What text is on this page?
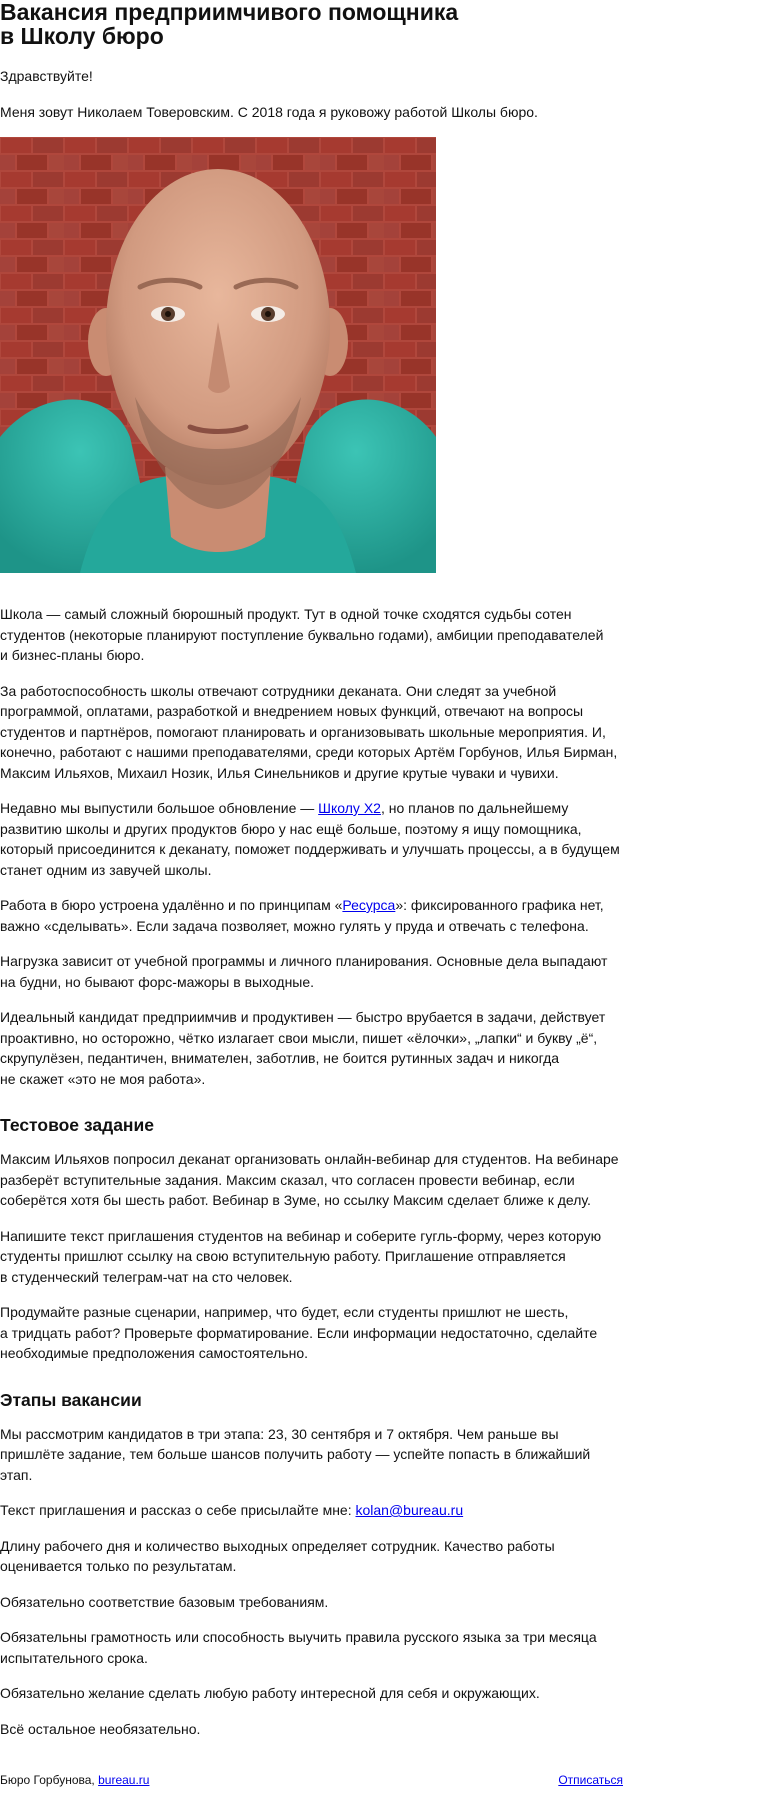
Вакансия предприимчивого помощника
в Школу бюро

Здравствуйте!

Меня зовут Николаем Товеровским. С 2018 года я руковожу работой Школы бюро.

Школа — самый сложный бюрошный продукт. Тут в одной точке сходятся судьбы сотен
студентов (некоторые планируют поступление буквально годами), амбиции преподавателей
и бизнес-планы бюро.

За работоспособность школы отвечают сотрудники деканата. Они следят за учебной
программой, оплатами, разработкой и внедрением новых функций, отвечают на вопросы
студентов и партнёров, помогают планировать и организовывать школьные мероприятия. И,
конечно, работают с нашими преподавателями, среди которых Артём Горбунов, Илья Бирман,
Максим Ильяхов, Михаил Нозик, Илья Синельников и другие крутые чуваки и чувихи.

Недавно мы выпустили большое обновление — Школу X2, но планов по дальнейшему
развитию школы и других продуктов бюро у нас ещё больше, поэтому я ищу помощника,
который присоединится к деканату, поможет поддерживать и улучшать процессы, а в будущем
станет одним из завучей школы.

Работа в бюро устроена удалённо и по принципам «Ресурса»: фиксированного графика нет,
важно «сделывать». Если задача позволяет, можно гулять у пруда и отвечать с телефона.

Нагрузка зависит от учебной программы и личного планирования. Основные дела выпадают
на будни, но бывают форс-мажоры в выходные.

Идеальный кандидат предприимчив и продуктивен — быстро врубается в задачи, действует
проактивно, но осторожно, чётко излагает свои мысли, пишет «ёлочки», „лапки“ и букву „ё“,
скрупулёзен, педантичен, внимателен, заботлив, не боится рутинных задач и никогда
не скажет «это не моя работа».

Тестовое задание

Максим Ильяхов попросил деканат организовать онлайн-вебинар для студентов. На вебинаре
разберёт вступительные задания. Максим сказал, что согласен провести вебинар, если
соберётся хотя бы шесть работ. Вебинар в Зуме, но ссылку Максим сделает ближе к делу.

Напишите текст приглашения студентов на вебинар и соберите гугль-форму, через которую
студенты пришлют ссылку на свою вступительную работу. Приглашение отправляется
в студенческий телеграм-чат на сто человек.

Продумайте разные сценарии, например, что будет, если студенты пришлют не шесть,
а тридцать работ? Проверьте форматирование. Если информации недостаточно, сделайте
необходимые предположения самостоятельно.

Этапы вакансии

Мы рассмотрим кандидатов в три этапа: 23, 30 сентября и 7 октября. Чем раньше вы
пришлёте задание, тем больше шансов получить работу — успейте попасть в ближайший
этап.

Текст приглашения и рассказ о себе присылайте мне: kolan@bureau.ru

Длину рабочего дня и количество выходных определяет сотрудник. Качество работы
оценивается только по результатам.

Обязательно соответствие базовым требованиям.

Обязательны грамотность или способность выучить правила русского языка за три месяца
испытательного срока.

Обязательно желание сделать любую работу интересной для себя и окружающих.

Всё остальное необязательно.

Бюро Горбунова, bureau.ru	Отписаться
